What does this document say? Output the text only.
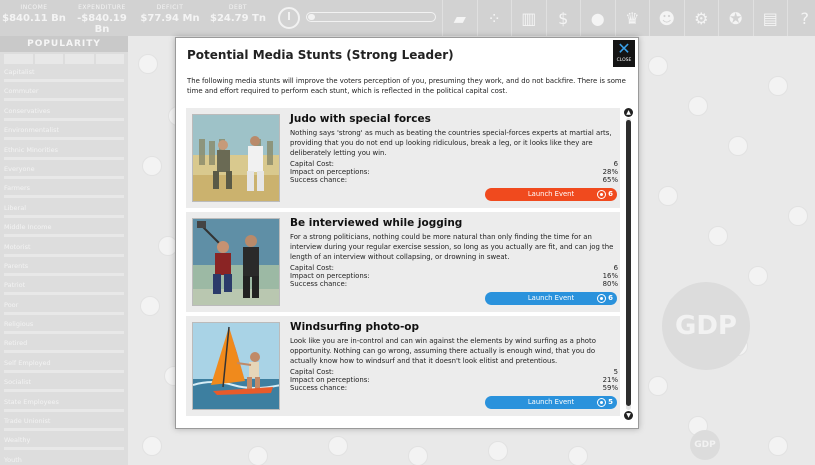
INCOME
$840.11 Bn
EXPENDITURE
-$840.19 Bn
DEFICIT
$77.94 Mn
DEBT
$24.79 Tn	▰	⁘	▥	$	●	♛	☻	⚙	✪	▤	?
POPULARITY
Capitalist
Commuter
Conservatives
Environmentalist
Ethnic Minorities
Everyone
Farmers
Liberal
Middle Income
Motorist
Parents
Patriot
Poor
Religious
Retired
Self Employed
Socialist
State Employees
Trade Unionist
Wealthy
Youth
GDP
GDP
Potential Media Stunts (Strong Leader)	✕
CLOSE
The following media stunts will improve the voters perception of you, presuming they work, and do not backfire. There is some time and effort required to perform each stunt, which is reflected in the political capital cost.
Judo with special forces
Nothing says 'strong' as much as beating the countries special-forces experts at martial arts, providing that you do not end up looking ridiculous, break a leg, or it looks like they are deliberately letting you win.
Capital Cost:	6
Impact on perceptions:	28%
Success chance:	65%
Launch Event	6
Be interviewed while jogging
For a strong politicians, nothing could be more natural than only finding the time for an interview during your regular exercise session, so long as you actually are fit, and can jog the length of an interview without collapsing, or drowning in sweat.
Capital Cost:	6
Impact on perceptions:	16%
Success chance:	80%
Launch Event	6
Windsurfing photo-op
Look like you are in-control and can win against the elements by wind surfing as a photo opportunity. Nothing can go wrong, assuming there actually is enough wind, that you do actually know how to windsurf and that it doesn't look elitist and pretentious.
Capital Cost:	5
Impact on perceptions:	21%
Success chance:	59%
Launch Event	5
▲
▼
